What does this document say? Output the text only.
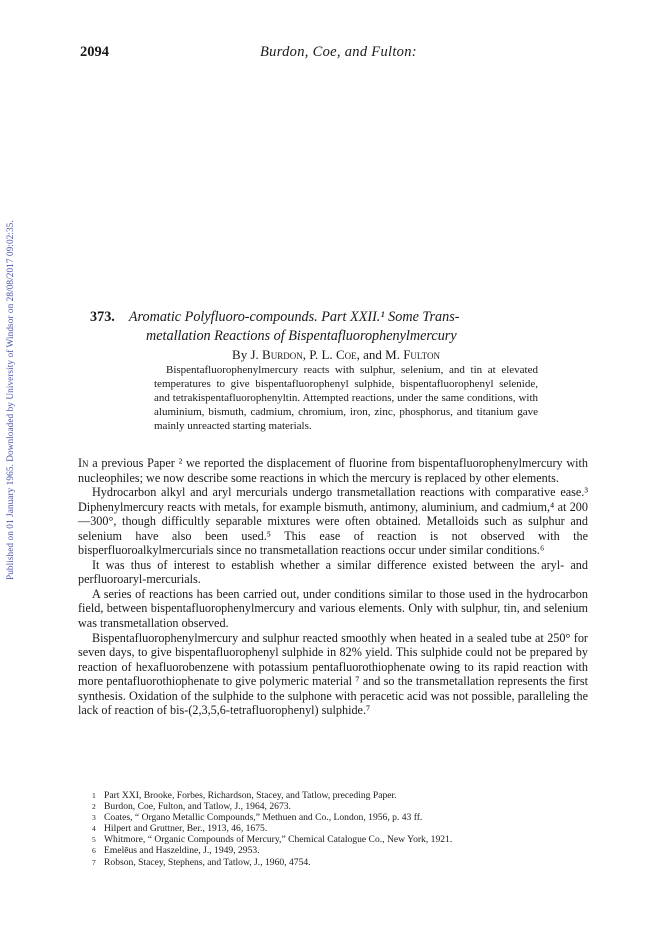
2094	Burdon, Coe, and Fulton:
Published on 01 January 1965. Downloaded by University of Windsor on 28/08/2017 09:02:35.	373. Aromatic Polyfluoro-compounds. Part XXII.¹ Some Trans-
metallation Reactions of Bispentafluorophenylmercury
By J. Burdon, P. L. Coe, and M. Fulton
Bispentafluorophenylmercury reacts with sulphur, selenium, and tin at elevated temperatures to give bispentafluorophenyl sulphide, bispentafluorophenyl selenide, and tetrakispentafluorophenyltin. Attempted reactions, under the same conditions, with aluminium, bismuth, cadmium, chromium, iron, zinc, phosphorus, and titanium gave mainly unreacted starting materials.

In a previous Paper ² we reported the displacement of fluorine from bispentafluorophenylmercury with nucleophiles; we now describe some reactions in which the mercury is replaced by other elements.

Hydrocarbon alkyl and aryl mercurials undergo transmetallation reactions with comparative ease.³ Diphenylmercury reacts with metals, for example bismuth, antimony, aluminium, and cadmium,⁴ at 200—300°, though difficultly separable mixtures were often obtained. Metalloids such as sulphur and selenium have also been used.⁵ This ease of reaction is not observed with the bisperfluoroalkylmercurials since no transmetallation reactions occur under similar conditions.⁶

It was thus of interest to establish whether a similar difference existed between the aryl- and perfluoroaryl-mercurials.

A series of reactions has been carried out, under conditions similar to those used in the hydrocarbon field, between bispentafluorophenylmercury and various elements. Only with sulphur, tin, and selenium was transmetallation observed.

Bispentafluorophenylmercury and sulphur reacted smoothly when heated in a sealed tube at 250° for seven days, to give bispentafluorophenyl sulphide in 82% yield. This sulphide could not be prepared by reaction of hexafluorobenzene with potassium pentafluorothiophenate owing to its rapid reaction with more pentafluorothiophenate to give polymeric material ⁷ and so the transmetallation represents the first synthesis. Oxidation of the sulphide to the sulphone with peracetic acid was not possible, paralleling the lack of reaction of bis-(2,3,5,6-tetrafluorophenyl) sulphide.⁷

1 Part XXI, Brooke, Forbes, Richardson, Stacey, and Tatlow, preceding Paper.
2 Burdon, Coe, Fulton, and Tatlow, J., 1964, 2673.
3 Coates, “ Organo Metallic Compounds,” Methuen and Co., London, 1956, p. 43 ff.
4 Hilpert and Gruttner, Ber., 1913, 46, 1675.
5 Whitmore, “ Organic Compounds of Mercury,” Chemical Catalogue Co., New York, 1921.
6 Emelēus and Haszeldine, J., 1949, 2953.
7 Robson, Stacey, Stephens, and Tatlow, J., 1960, 4754.
